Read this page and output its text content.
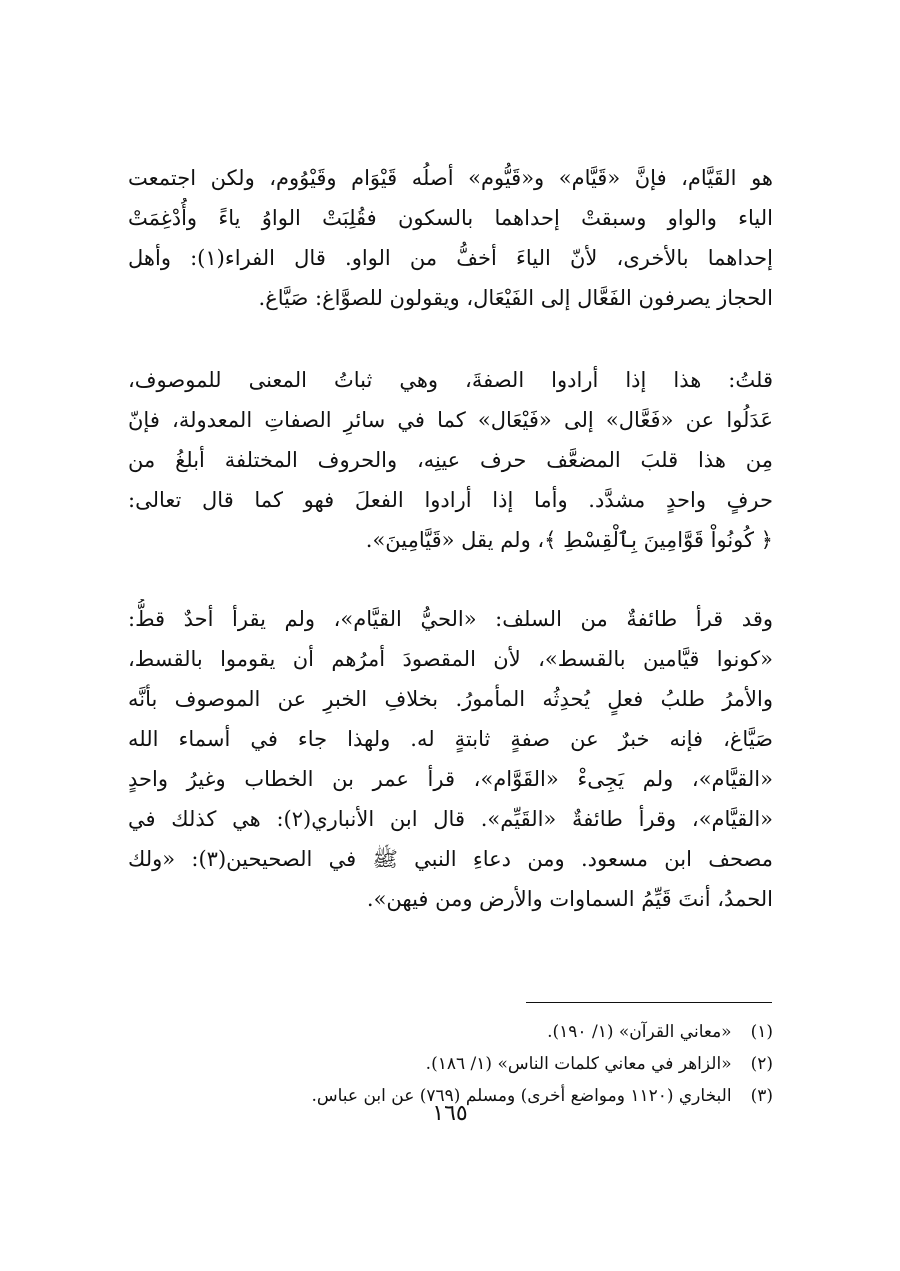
هو القَيَّام، فإنَّ «قَيَّام» و«قَيُّوم» أصلُه قَيْوَام وقَيْوُوم، ولكن اجتمعت
الياء والواو وسبقتْ إحداهما بالسكون فقُلِبَتْ الواوُ ياءً وأُدْغِمَتْ
إحداهما بالأخرى، لأنّ الياءَ أخفُّ من الواو. قال الفراء(١): وأهل
الحجاز يصرفون الفَعَّال إلى الفَيْعَال، ويقولون للصوَّاغ: صَيَّاغ.
قلتُ: هذا إذا أرادوا الصفةَ، وهي ثباتُ المعنى للموصوف،
عَدَلُوا عن «فَعَّال» إلى «فَيْعَال» كما في سائرِ الصفاتِ المعدولة، فإنّ
مِن هذا قلبَ المضعَّف حرف عينِه، والحروف المختلفة أبلغُ من
حرفٍ واحدٍ مشدَّد. وأما إذا أرادوا الفعلَ فهو كما قال تعالى:
﴿ كُونُواْ قَوَّامِينَ بِٱلْقِسْطِ ﴾، ولم يقل «قَيَّامِينَ».
وقد قرأ طائفةٌ من السلف: «الحيُّ القيَّام»، ولم يقرأ أحدٌ قطُّ:
«كونوا قيَّامين بالقسط»، لأن المقصودَ أمرُهم أن يقوموا بالقسط،
والأمرُ طلبُ فعلٍ يُحدِثُه المأمورُ. بخلافِ الخبرِ عن الموصوف بأنَّه
صَيَّاغ، فإنه خبرٌ عن صفةٍ ثابتةٍ له. ولهذا جاء في أسماء الله
«القيَّام»، ولم يَجِىءْ «القَوَّام»، قرأ عمر بن الخطاب وغيرُ واحدٍ
«القيَّام»، وقرأ طائفةٌ «القَيِّم». قال ابن الأنباري(٢): هي كذلك في
مصحف ابن مسعود. ومن دعاءِ النبي ﷺ في الصحيحين(٣): «ولك
الحمدُ، أنتَ قَيِّمُ السماوات والأرض ومن فيهن».
(١) «معاني القرآن» (١/ ١٩٠).
(٢) «الزاهر في معاني كلمات الناس» (١/ ١٨٦).
(٣) البخاري (١١٢٠ ومواضع أخرى) ومسلم (٧٦٩) عن ابن عباس.
١٦٥
